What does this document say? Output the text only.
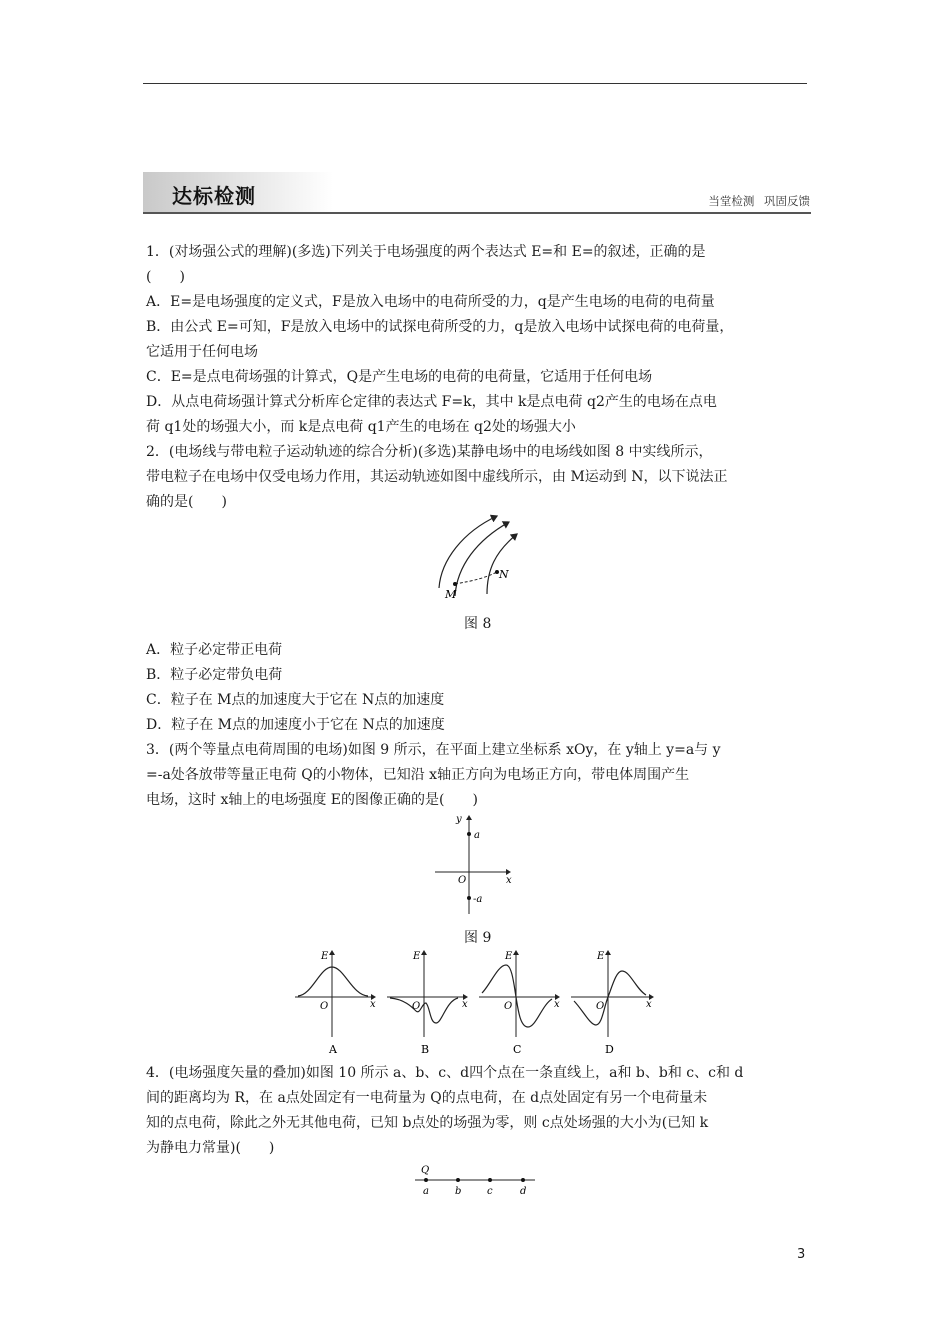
达标检测	当堂检测 巩固反馈
1．(对场强公式的理解)(多选)下列关于电场强度的两个表达式 E=和 E=的叙述，正确的是
(　　)
A．E=是电场强度的定义式，F是放入电场中的电荷所受的力，q是产生电场的电荷的电荷量
B．由公式 E=可知，F是放入电场中的试探电荷所受的力，q是放入电场中试探电荷的电荷量，
它适用于任何电场
C．E=是点电荷场强的计算式，Q是产生电场的电荷的电荷量，它适用于任何电场
D．从点电荷场强计算式分析库仑定律的表达式 F=k，其中 k是点电荷 q2产生的电场在点电
荷 q1处的场强大小，而 k是点电荷 q1产生的电场在 q2处的场强大小
2．(电场线与带电粒子运动轨迹的综合分析)(多选)某静电场中的电场线如图 8 中实线所示，
带电粒子在电场中仅受电场力作用，其运动轨迹如图中虚线所示，由 M运动到 N，以下说法正
确的是(　　)
M
N
图 8
A．粒子必定带正电荷
B．粒子必定带负电荷
C．粒子在 M点的加速度大于它在 N点的加速度
D．粒子在 M点的加速度小于它在 N点的加速度
3．(两个等量点电荷周围的电场)如图 9 所示，在平面上建立坐标系 xOy，在 y轴上 y=a与 y
=-a处各放带等量正电荷 Q的小物体，已知沿 x轴正方向为电场正方向，带电体周围产生
电场，这时 x轴上的电场强度 E的图像正确的是(　　)
y
a
O	x
-a
图 9
E
O	x
A
E
O	x
B
E
O	x
C
E
O	x
D
4．(电场强度矢量的叠加)如图 10 所示 a、b、c、d四个点在一条直线上，a和 b、b和 c、c和 d
间的距离均为 R，在 a点处固定有一电荷量为 Q的点电荷，在 d点处固定有另一个电荷量未
知的点电荷，除此之外无其他电荷，已知 b点处的场强为零，则 c点处场强的大小为(已知 k
为静电力常量)(　　)
Q
a	b	c	d
3
